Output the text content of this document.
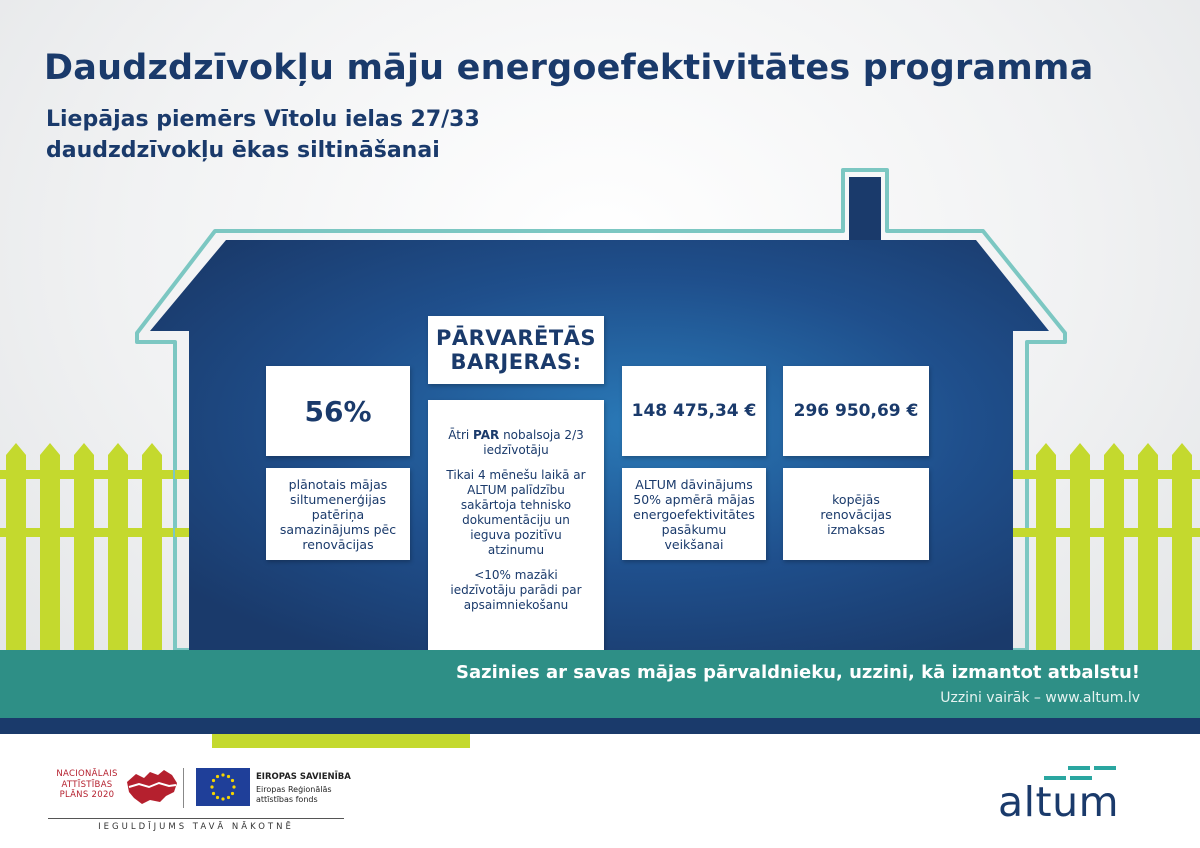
Daudzdzīvokļu māju energoefektivitātes programma
Liepājas piemērs Vītolu ielas 27/33 daudzdzīvokļu ēkas siltināšanai
56%
plānotais mājas siltumenerģijas patēriņa samazinājums pēc renovācijas
PĀRVARĒTĀS BARJERAS:

Ātri PAR nobalsoja 2/3 iedzīvotāju

Tikai 4 mēnešu laikā ar ALTUM palīdzību sakārtoja tehnisko dokumentāciju un ieguva pozitīvu atzinumu

<10% mazāki iedzīvotāju parādi par apsaimniekošanu

148 475,34 €
ALTUM dāvinājums 50% apmērā mājas energoefektivitātes pasākumu veikšanai
296 950,69 €
kopējās renovācijas izmaksas

Sazinies ar savas mājas pārvaldnieku, uzzini, kā izmantot atbalstu!

Uzzini vairāk – www.altum.lv

NACIONĀLAIS ATTĪSTĪBAS PLĀNS 2020
EIROPAS SAVIENĪBA
Eiropas Reģionālās attīstības fonds
IEGULDĪJUMS TAVĀ NĀKOTNĒ

altum
